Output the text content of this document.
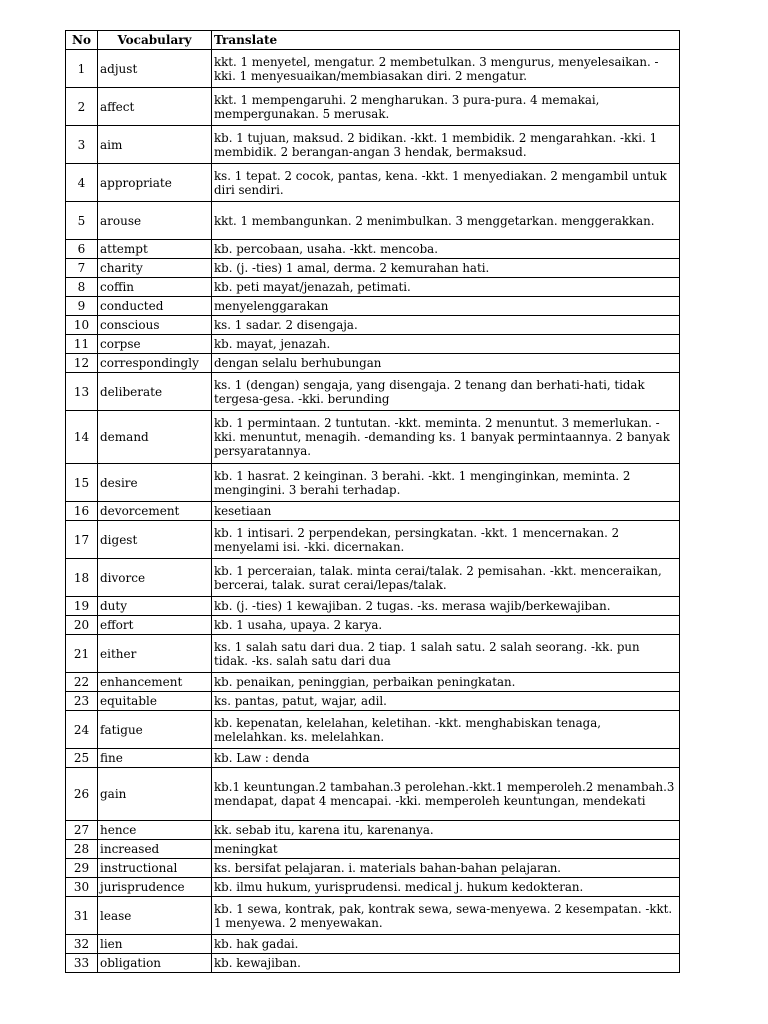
No	Vocabulary	Translate
1	adjust	kkt. 1 menyetel, mengatur. 2 membetulkan. 3 mengurus, menyelesaikan. -kki. 1 menyesuaikan/membiasakan diri. 2 mengatur.
2	affect	kkt. 1 mempengaruhi. 2 mengharukan. 3 pura-pura. 4 memakai, mempergunakan. 5 merusak.
3	aim	kb. 1 tujuan, maksud. 2 bidikan. -kkt. 1 membidik. 2 mengarahkan. -kki. 1 membidik. 2 berangan-angan 3 hendak, bermaksud.
4	appropriate	ks. 1 tepat. 2 cocok, pantas, kena. -kkt. 1 menyediakan. 2 mengambil untuk diri sendiri.
5	arouse	kkt. 1 membangunkan. 2 menimbulkan. 3 menggetarkan. menggerakkan.
6	attempt	kb. percobaan, usaha. -kkt. mencoba.
7	charity	kb. (j. -ties) 1 amal, derma. 2 kemurahan hati.
8	coffin	kb. peti mayat/jenazah, petimati.
9	conducted	menyelenggarakan
10	conscious	ks. 1 sadar. 2 disengaja.
11	corpse	kb. mayat, jenazah.
12	correspondingly	dengan selalu berhubungan
13	deliberate	ks. 1 (dengan) sengaja, yang disengaja. 2 tenang dan berhati-hati, tidak tergesa-gesa. -kki. berunding
14	demand	kb. 1 permintaan. 2 tuntutan. -kkt. meminta. 2 menuntut. 3 memerlukan. -kki. menuntut, menagih. -demanding ks. 1 banyak permintaannya. 2 banyak persyaratannya.
15	desire	kb. 1 hasrat. 2 keinginan. 3 berahi. -kkt. 1 menginginkan, meminta. 2 mengingini. 3 berahi terhadap.
16	devorcement	kesetiaan
17	digest	kb. 1 intisari. 2 perpendekan, persingkatan. -kkt. 1 mencernakan. 2 menyelami isi. -kki. dicernakan.
18	divorce	kb. 1 perceraian, talak. minta cerai/talak. 2 pemisahan. -kkt. menceraikan, bercerai, talak. surat cerai/lepas/talak.
19	duty	kb. (j. -ties) 1 kewajiban. 2 tugas. -ks. merasa wajib/berkewajiban.
20	effort	kb. 1 usaha, upaya. 2 karya.
21	either	ks. 1 salah satu dari dua. 2 tiap. 1 salah satu. 2 salah seorang. -kk. pun tidak. -ks. salah satu dari dua
22	enhancement	kb. penaikan, peninggian, perbaikan peningkatan.
23	equitable	ks. pantas, patut, wajar, adil.
24	fatigue	kb. kepenatan, kelelahan, keletihan. -kkt. menghabiskan tenaga, melelahkan. ks. melelahkan.
25	fine	kb. Law : denda
26	gain	kb.1 keuntungan.2 tambahan.3 perolehan.-kkt.1 memperoleh.2 menambah.3 mendapat, dapat 4 mencapai. -kki. memperoleh keuntungan, mendekati
27	hence	kk. sebab itu, karena itu, karenanya.
28	increased	meningkat
29	instructional	ks. bersifat pelajaran. i. materials bahan-bahan pelajaran.
30	jurisprudence	kb. ilmu hukum, yurisprudensi. medical j. hukum kedokteran.
31	lease	kb. 1 sewa, kontrak, pak, kontrak sewa, sewa-menyewa. 2 kesempatan. -kkt. 1 menyewa. 2 menyewakan.
32	lien	kb. hak gadai.
33	obligation	kb. kewajiban.
